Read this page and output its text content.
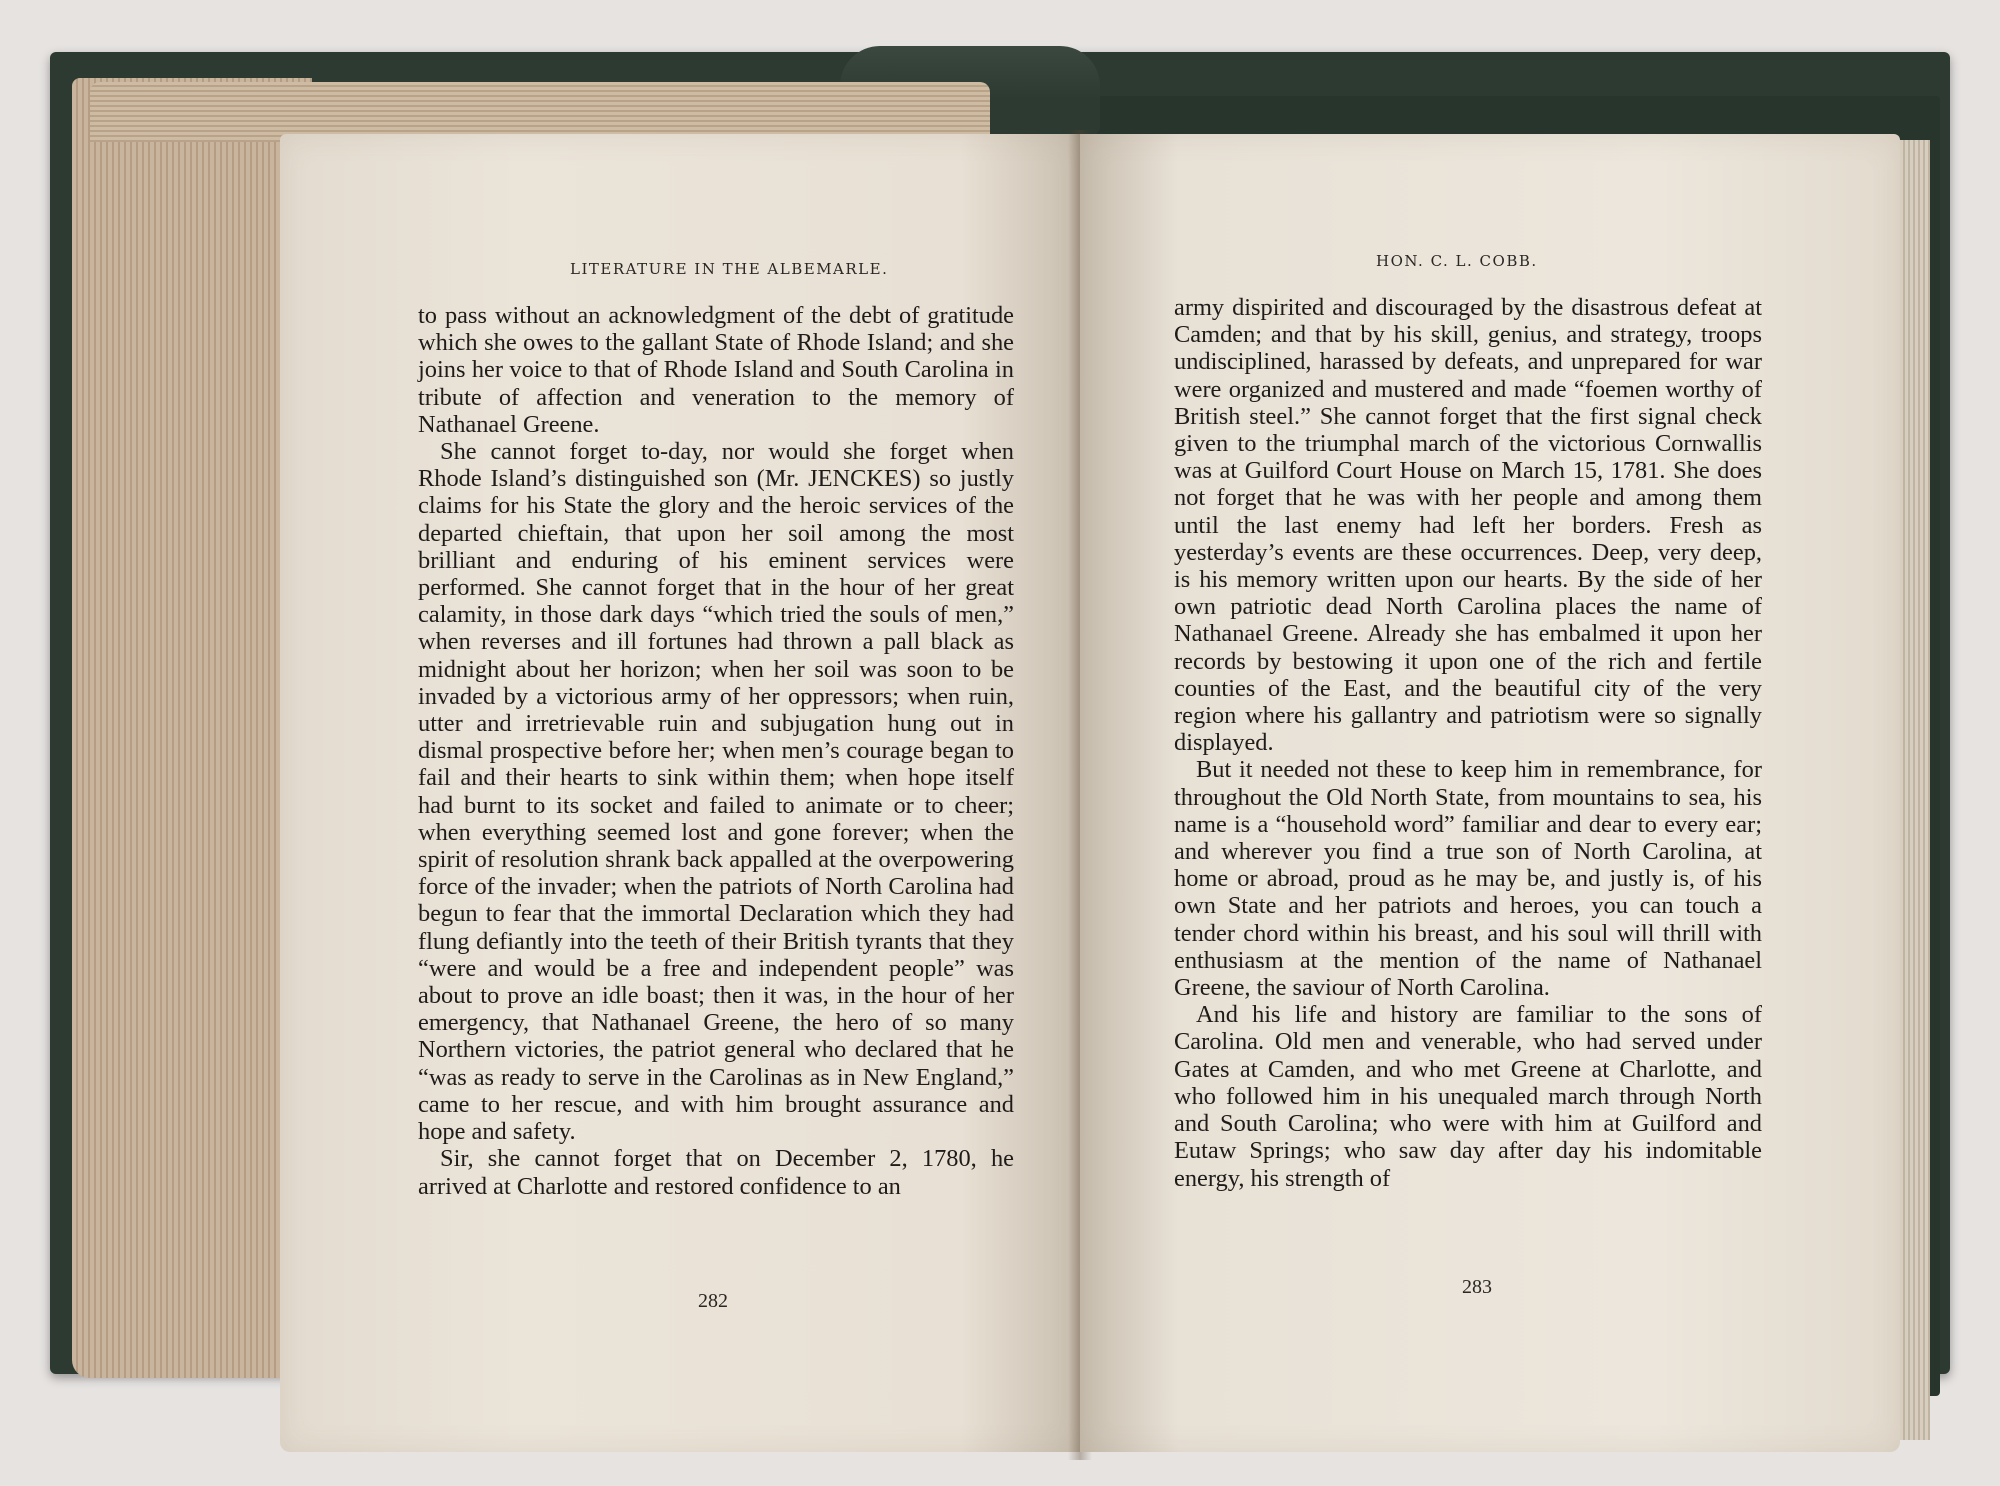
LITERATURE IN THE ALBEMARLE.

to pass without an acknowledgment of the debt of gratitude which she owes to the gallant State of Rhode Island; and she joins her voice to that of Rhode Island and South Carolina in tribute of affection and veneration to the memory of Nathanael Greene.

She cannot forget to-day, nor would she forget when Rhode Island’s distinguished son (Mr. JENCKES) so justly claims for his State the glory and the heroic services of the departed chieftain, that upon her soil among the most brilliant and enduring of his eminent services were performed. She cannot forget that in the hour of her great calamity, in those dark days “which tried the souls of men,” when reverses and ill fortunes had thrown a pall black as midnight about her horizon; when her soil was soon to be invaded by a victorious army of her oppressors; when ruin, utter and irretrievable ruin and subjugation hung out in dismal prospective before her; when men’s courage began to fail and their hearts to sink within them; when hope itself had burnt to its socket and failed to animate or to cheer; when everything seemed lost and gone forever; when the spirit of resolution shrank back appalled at the overpowering force of the invader; when the patriots of North Carolina had begun to fear that the immortal Declaration which they had flung defiantly into the teeth of their British tyrants that they “were and would be a free and independent people” was about to prove an idle boast; then it was, in the hour of her emergency, that Nathanael Greene, the hero of so many Northern victories, the patriot general who declared that he “was as ready to serve in the Carolinas as in New England,” came to her rescue, and with him brought assurance and hope and safety.

Sir, she cannot forget that on December 2, 1780, he arrived at Charlotte and restored confidence to an

282
HON. C. L. COBB.

army dispirited and discouraged by the disastrous defeat at Camden; and that by his skill, genius, and strategy, troops undisciplined, harassed by defeats, and unprepared for war were organized and mustered and made “foemen worthy of British steel.” She cannot forget that the first signal check given to the triumphal march of the victorious Cornwallis was at Guilford Court House on March 15, 1781. She does not forget that he was with her people and among them until the last enemy had left her borders. Fresh as yesterday’s events are these occurrences. Deep, very deep, is his memory written upon our hearts. By the side of her own patriotic dead North Carolina places the name of Nathanael Greene. Already she has embalmed it upon her records by bestowing it upon one of the rich and fertile counties of the East, and the beautiful city of the very region where his gallantry and patriotism were so signally displayed.

But it needed not these to keep him in remembrance, for throughout the Old North State, from mountains to sea, his name is a “household word” familiar and dear to every ear; and wherever you find a true son of North Carolina, at home or abroad, proud as he may be, and justly is, of his own State and her patriots and heroes, you can touch a tender chord within his breast, and his soul will thrill with enthusiasm at the mention of the name of Nathanael Greene, the saviour of North Carolina.

And his life and history are familiar to the sons of Carolina. Old men and venerable, who had served under Gates at Camden, and who met Greene at Charlotte, and who followed him in his unequaled march through North and South Carolina; who were with him at Guilford and Eutaw Springs; who saw day after day his indomitable energy, his strength of

283
